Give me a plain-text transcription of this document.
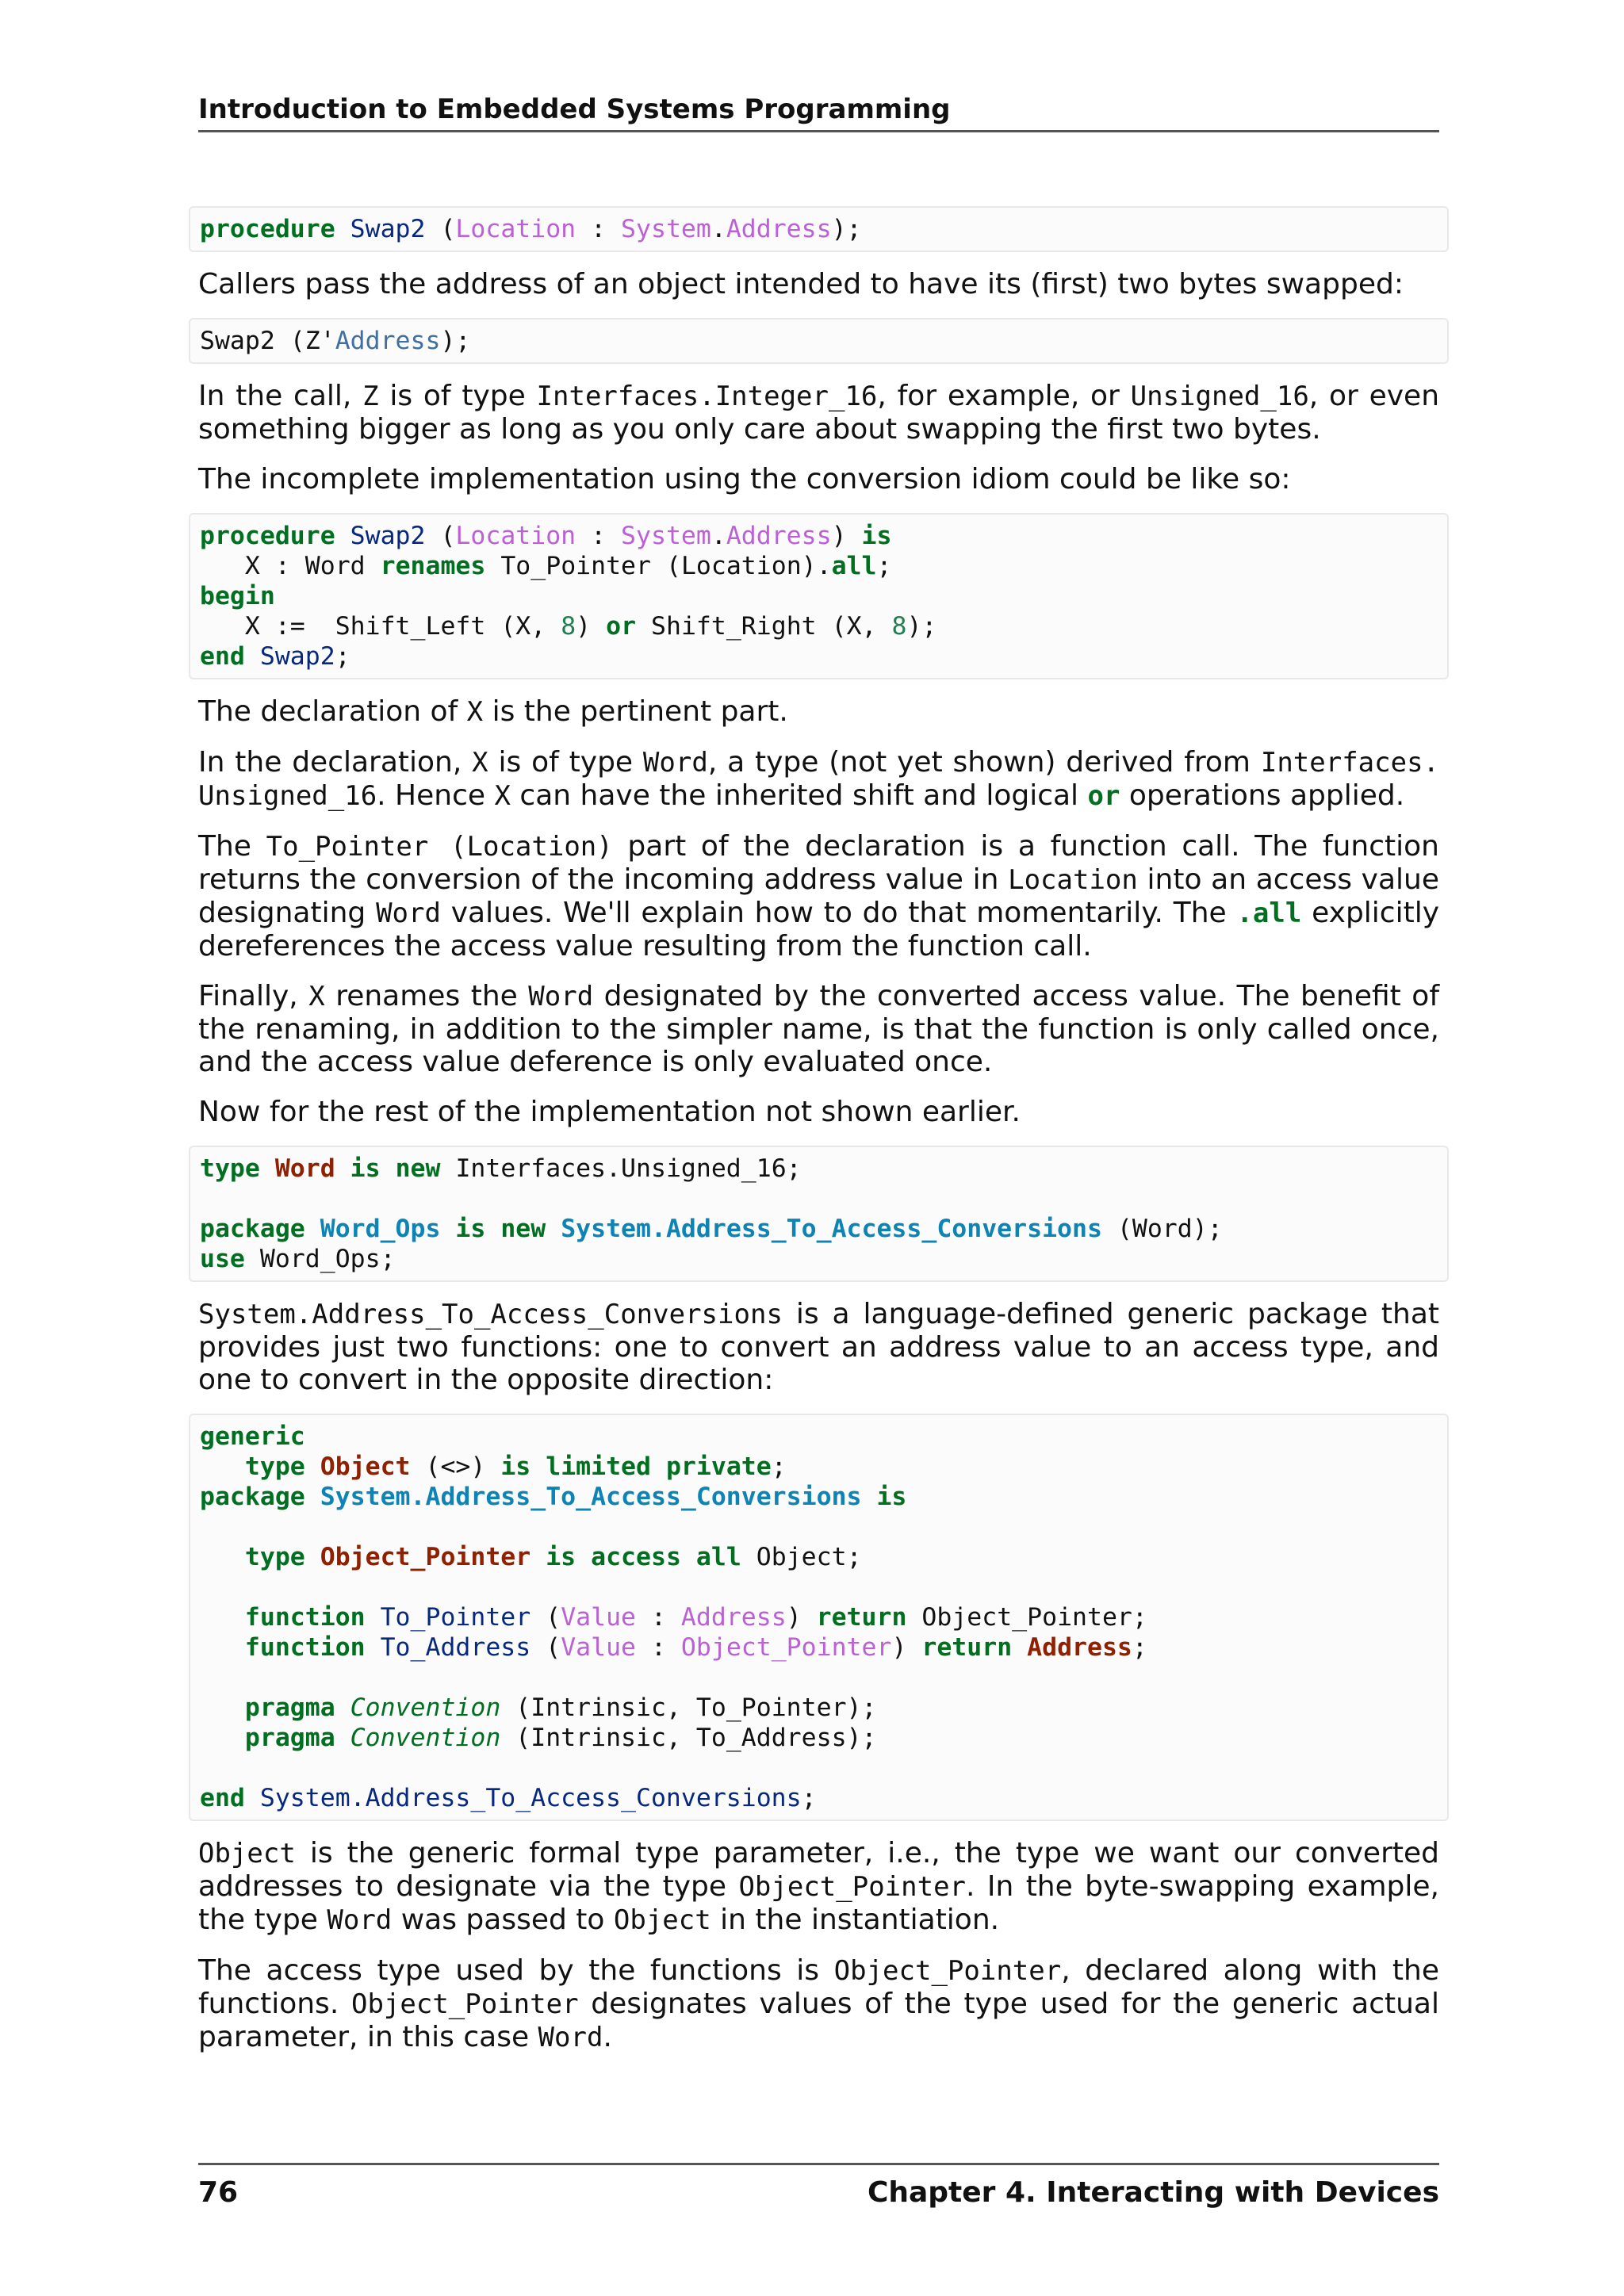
Introduction to Embedded Systems Programming
procedure Swap2 (Location : System.Address);

Callers pass the address of an object intended to have its (first) two bytes swapped:

Swap2 (Z'Address);

In the call, Z is of type Interfaces.Integer_16, for example, or Unsigned_16, or even something bigger as long as you only care about swapping the first two bytes.

The incomplete implementation using the conversion idiom could be like so:

procedure Swap2 (Location : System.Address) is
X : Word renames To_Pointer (Location).all;
begin
X :=  Shift_Left (X, 8) or Shift_Right (X, 8);
end Swap2;

The declaration of X is the pertinent part.

In the declaration, X is of type Word, a type (not yet shown) derived from Interfaces. Unsigned_16. Hence X can have the inherited shift and logical or operations applied.

The To_Pointer (Location) part of the declaration is a function call. The function returns the conversion of the incoming address value in Location into an access value designating Word values. We'll explain how to do that momentarily. The .all explicitly dereferences the access value resulting from the function call.

Finally, X renames the Word designated by the converted access value. The benefit of the renaming, in addition to the simpler name, is that the function is only called once, and the access value deference is only evaluated once.

Now for the rest of the implementation not shown earlier.

type Word is new Interfaces.Unsigned_16;

package Word_Ops is new System.Address_To_Access_Conversions (Word);
use Word_Ops;

System.Address_To_Access_Conversions is a language-defined generic package that provides just two functions: one to convert an address value to an access type, and one to convert in the opposite direction:

generic
type Object (<>) is limited private;
package System.Address_To_Access_Conversions is

type Object_Pointer is access all Object;

function To_Pointer (Value : Address) return Object_Pointer;
function To_Address (Value : Object_Pointer) return Address;

pragma Convention (Intrinsic, To_Pointer);
pragma Convention (Intrinsic, To_Address);

end System.Address_To_Access_Conversions;

Object is the generic formal type parameter, i.e., the type we want our converted addresses to designate via the type Object_Pointer. In the byte-swapping example, the type Word was passed to Object in the instantiation.

The access type used by the functions is Object_Pointer, declared along with the functions. Object_Pointer designates values of the type used for the generic actual parameter, in this case Word.

76	Chapter 4. Interacting with Devices
